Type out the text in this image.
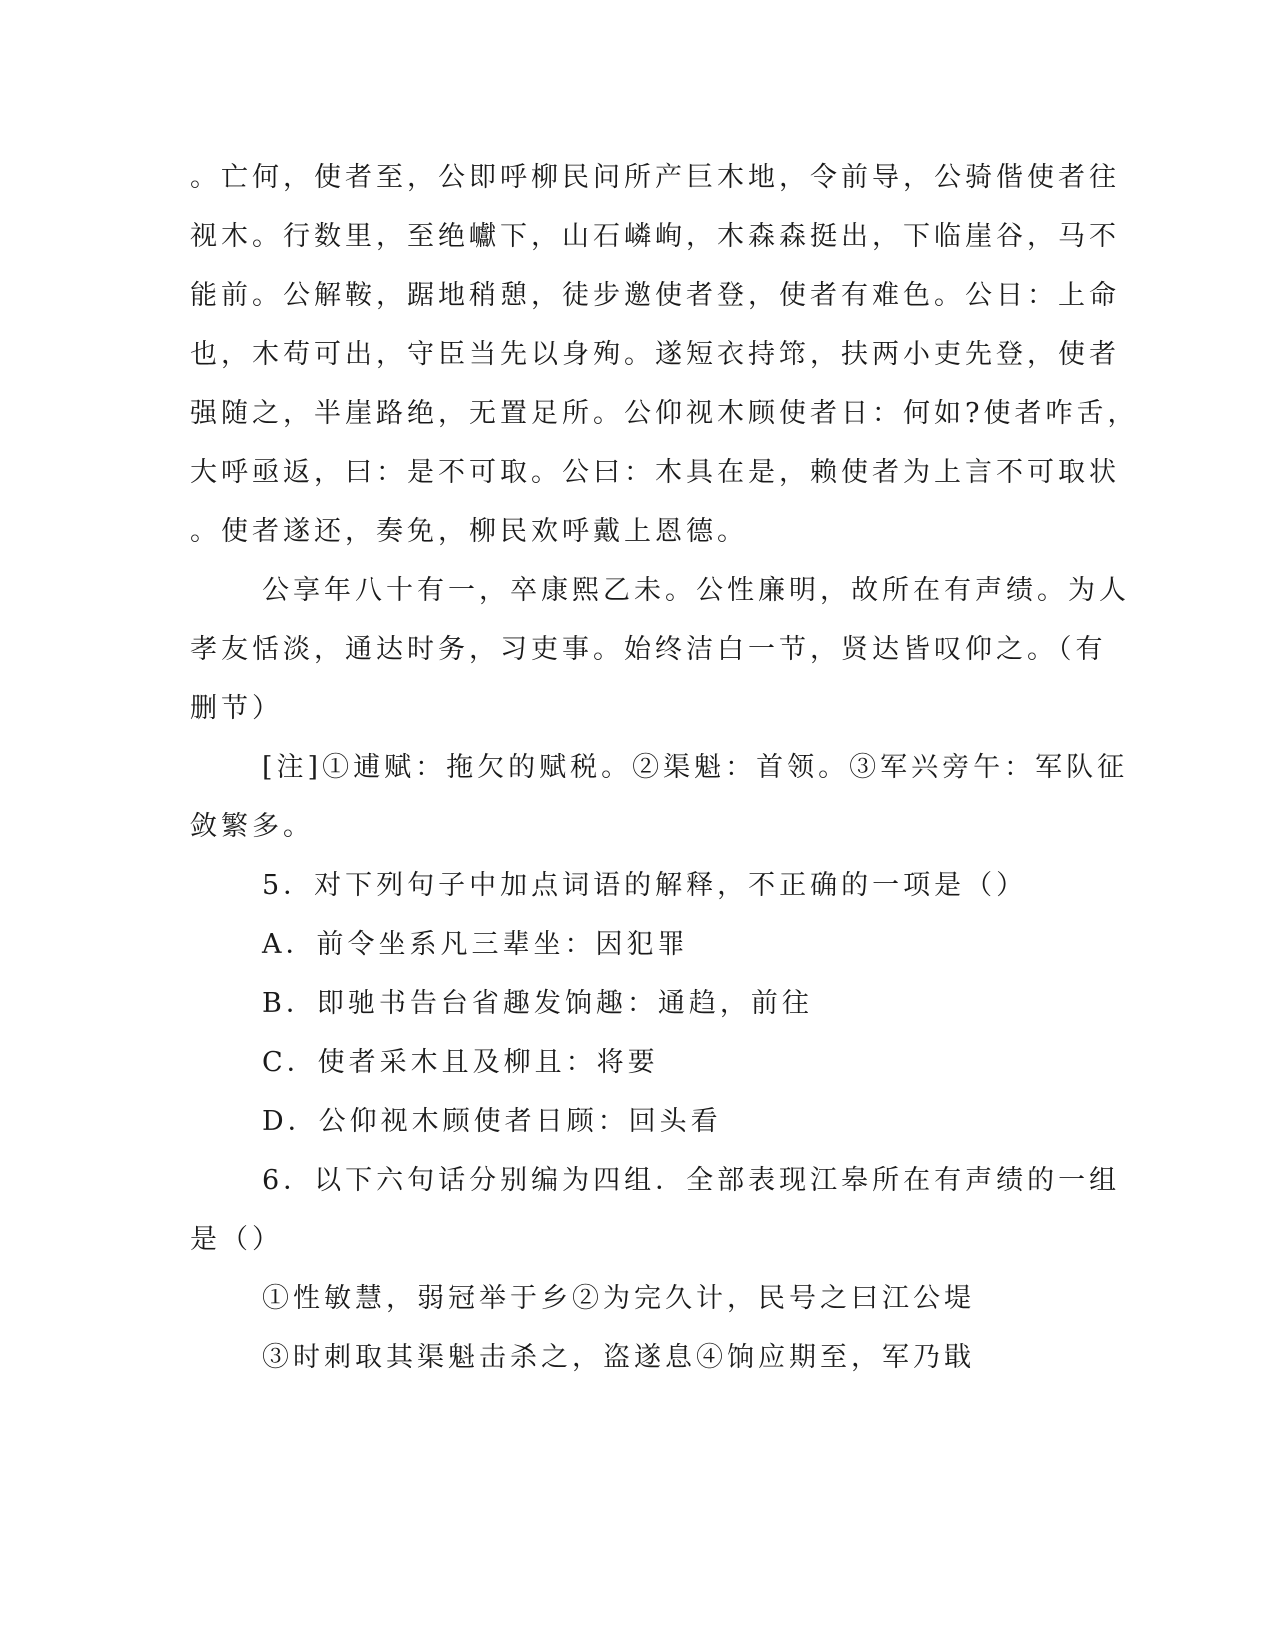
。亡何，使者至，公即呼柳民问所产巨木地，令前导，公骑偕使者往
视木。行数里，至绝巘下，山石嶙峋，木森森挺出，下临崖谷，马不
能前。公解鞍，踞地稍憩，徒步邀使者登，使者有难色。公日：上命
也，木苟可出，守臣当先以身殉。遂短衣持筇，扶两小吏先登，使者
强随之，半崖路绝，无置足所。公仰视木顾使者日：何如?使者咋舌，
大呼亟返，曰：是不可取。公曰：木具在是，赖使者为上言不可取状
。使者遂还，奏免，柳民欢呼戴上恩德。
公享年八十有一，卒康熙乙未。公性廉明，故所在有声绩。为人
孝友恬淡，通达时务，习吏事。始终洁白一节，贤达皆叹仰之。（有
删节）
[注]①逋赋：拖欠的赋税。②渠魁：首领。③军兴旁午：军队征
敛繁多。
5．对下列句子中加点词语的解释，不正确的一项是（）
A．前令坐系凡三辈坐：因犯罪
B．即驰书告台省趣发饷趣：通趋，前往
C．使者采木且及柳且：将要
D．公仰视木顾使者日顾：回头看
6．以下六句话分别编为四组．全部表现江皋所在有声绩的一组
是（）
①性敏慧，弱冠举于乡②为完久计，民号之曰江公堤
③时刺取其渠魁击杀之，盗遂息④饷应期至，军乃戢
